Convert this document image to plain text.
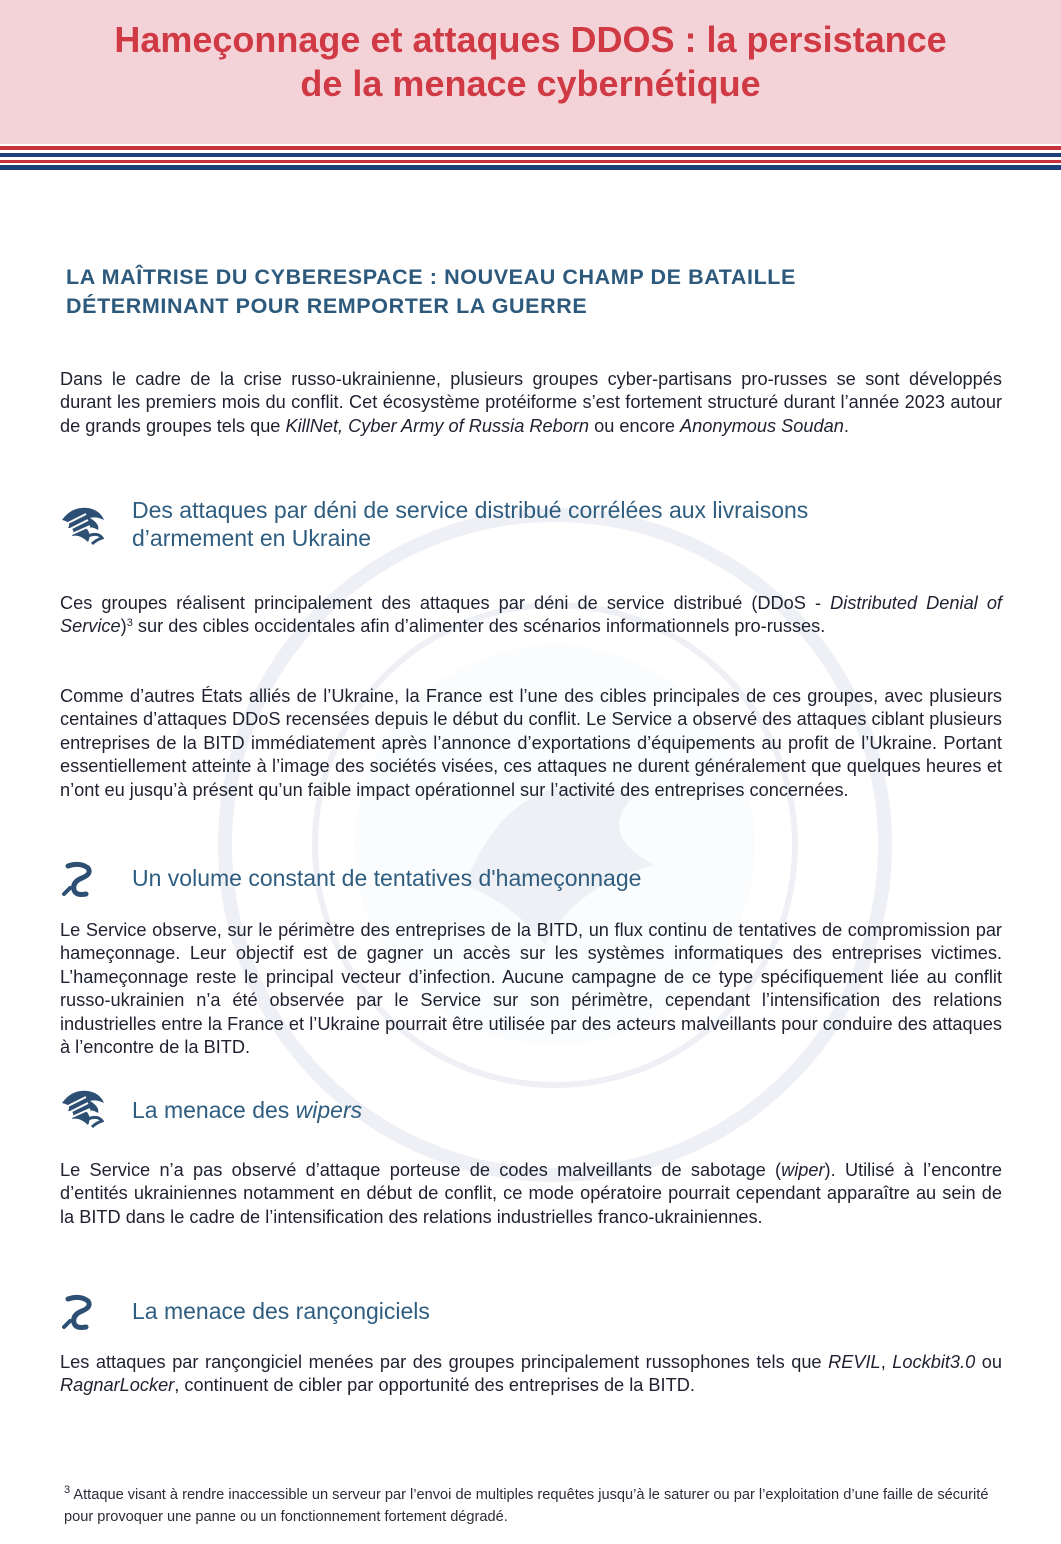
Hameçonnage et attaques DDOS : la persistance
de la menace cybernétique
LA MAÎTRISE DU CYBERESPACE : NOUVEAU CHAMP DE BATAILLE
DÉTERMINANT POUR REMPORTER LA GUERRE
Dans le cadre de la crise russo-ukrainienne, plusieurs groupes cyber-partisans pro-russes se sont développés durant les premiers mois du conflit. Cet écosystème protéiforme s’est fortement structuré durant l’année 2023 autour de grands groupes tels que KillNet, Cyber Army of Russia Reborn ou encore Anonymous Soudan.
Des attaques par déni de service distribué corrélées aux livraisons
d’armement en Ukraine
Ces groupes réalisent principalement des attaques par déni de service distribué (DDoS - Distributed Denial of Service)$^3$ sur des cibles occidentales afin d’alimenter des scénarios informationnels pro-russes.
Comme d’autres États alliés de l’Ukraine, la France est l’une des cibles principales de ces groupes, avec plusieurs centaines d’attaques DDoS recensées depuis le début du conflit. Le Service a observé des attaques ciblant plusieurs entreprises de la BITD immédiatement après l’annonce d’exportations d’équipements au profit de l’Ukraine. Portant essentiellement atteinte à l’image des sociétés visées, ces attaques ne durent généralement que quelques heures et n’ont eu jusqu’à présent qu’un faible impact opérationnel sur l’activité des entreprises concernées.
Un volume constant de tentatives d'hameçonnage
Le Service observe, sur le périmètre des entreprises de la BITD, un flux continu de tentatives de compromission par hameçonnage. Leur objectif est de gagner un accès sur les systèmes informatiques des entreprises victimes. L’hameçonnage reste le principal vecteur d’infection. Aucune campagne de ce type spécifiquement liée au conflit russo-ukrainien n’a été observée par le Service sur son périmètre, cependant l’intensification des relations industrielles entre la France et l’Ukraine pourrait être utilisée par des acteurs malveillants pour conduire des attaques à l’encontre de la BITD.
La menace des wipers
Le Service n’a pas observé d’attaque porteuse de codes malveillants de sabotage (wiper). Utilisé à l’encontre d’entités ukrainiennes notamment en début de conflit, ce mode opératoire pourrait cependant apparaître au sein de la BITD dans le cadre de l’intensification des relations industrielles franco-ukrainiennes.
La menace des rançongiciels
Les attaques par rançongiciel menées par des groupes principalement russophones tels que REVIL, Lockbit3.0 ou RagnarLocker, continuent de cibler par opportunité des entreprises de la BITD.
$^3$ Attaque visant à rendre inaccessible un serveur par l’envoi de multiples requêtes jusqu’à le saturer ou par l’exploitation d’une faille de sécurité pour provoquer une panne ou un fonctionnement fortement dégradé.
